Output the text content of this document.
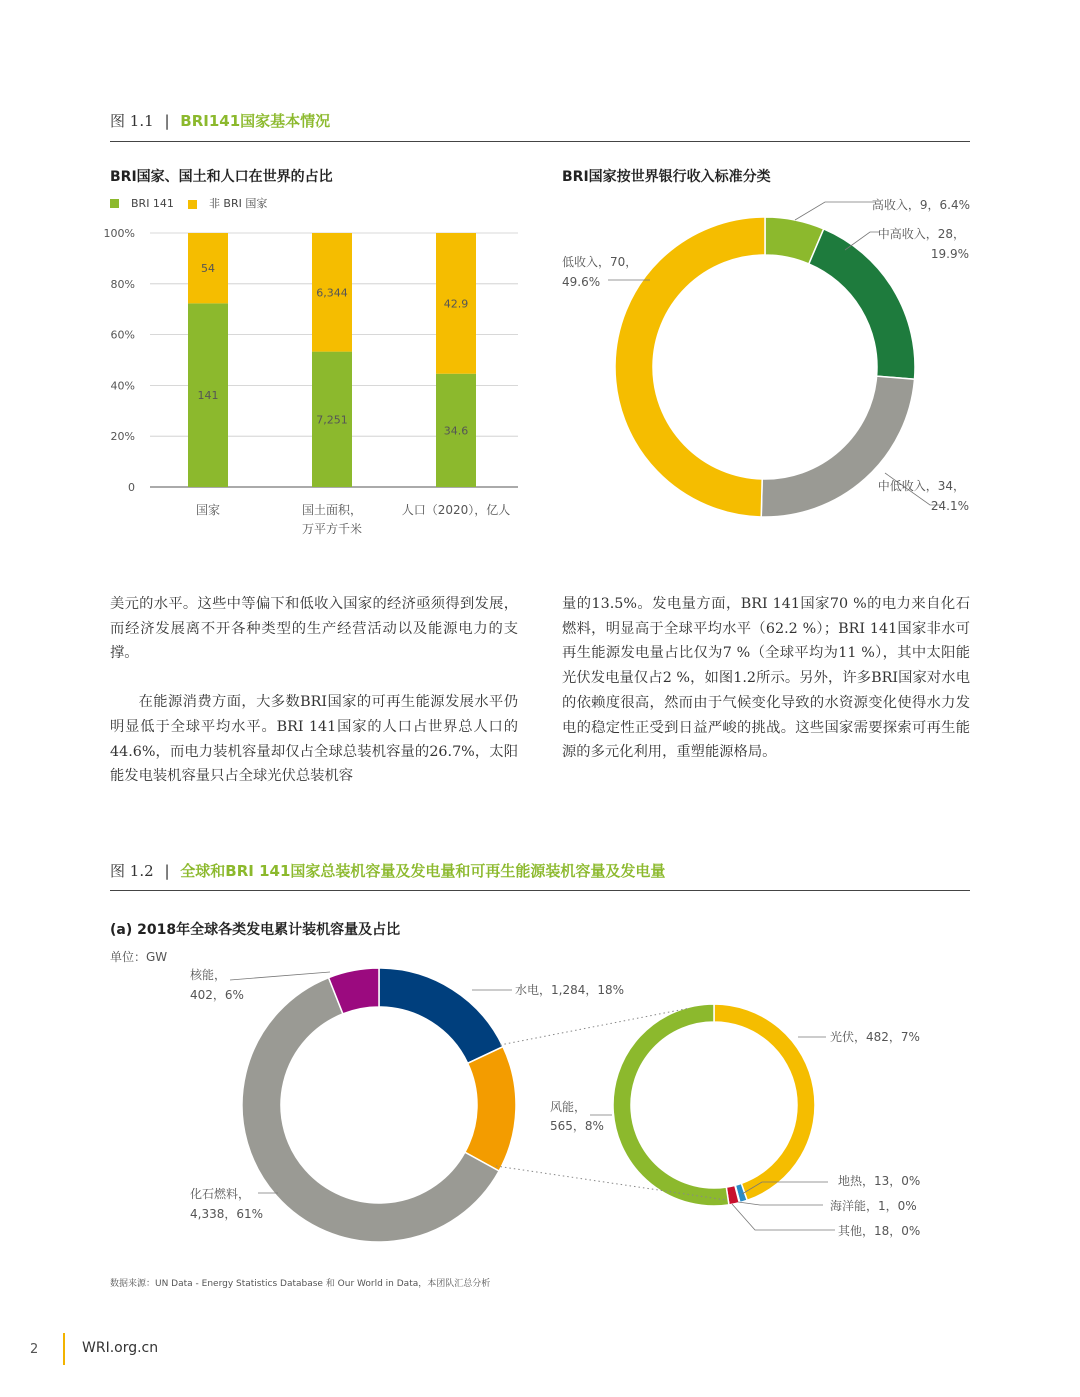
图 1.1 | BRI141国家基本情况
BRI国家、国土和人口在世界的占比	BRI国家按世界银行收入标准分类
BRI 141	非 BRI 国家
0
20%
40%
60%
80%
100%
141
54
7,251
6,344
34.6
42.9
国家	国土面积，
万平方千米
人口（2020），亿人
高收入，9，6.4%
中高收入，28，
19.9%
中低收入，34，
24.1%
低收入，70，
49.6%

美元的水平。这些中等偏下和低收入国家的经济亟须得到发展，而经济发展离不开各种类型的生产经营活动以及能源电力的支撑。

在能源消费方面，大多数BRI国家的可再生能源发展水平仍明显低于全球平均水平。BRI 141国家的人口占世界总人口的44.6%，而电力装机容量却仅占全球总装机容量的26.7%，太阳能发电装机容量只占全球光伏总装机容

量的13.5%。发电量方面，BRI 141国家70 %的电力来自化石燃料，明显高于全球平均水平（62.2 %）；BRI 141国家非水可再生能源发电量占比仅为7 %（全球平均为11 %），其中太阳能光伏发电量仅占2 %，如图1.2所示。另外，许多BRI国家对水电的依赖度很高，然而由于气候变化导致的水资源变化使得水力发电的稳定性正受到日益严峻的挑战。这些国家需要探索可再生能源的多元化利用，重塑能源格局。

图 1.2 | 全球和BRI 141国家总装机容量及发电量和可再生能源装机容量及发电量
(a) 2018年全球各类发电累计装机容量及占比
单位：GW
核能，
402，6%	水电，1,284，18%
化石燃料，
4,338，61%
光伏，482，7%
风能，
565，8%
地热，13，0%
海洋能，1，0%
其他，18，0%
数据来源：UN Data - Energy Statistics Database 和 Our World in Data，本团队汇总分析
2	WRI.org.cn
